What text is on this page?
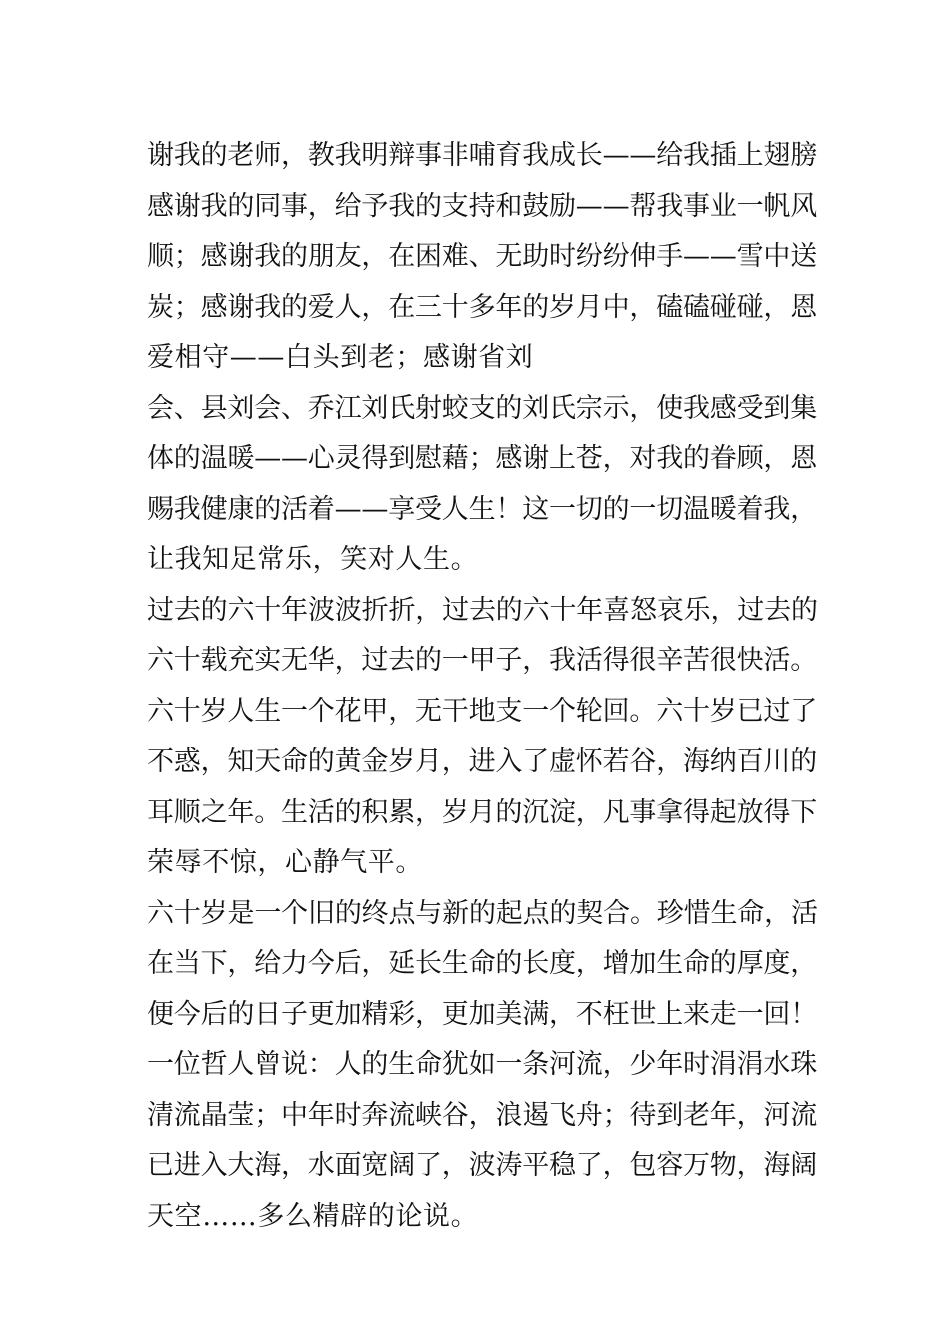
谢我的老师，教我明辩事非哺育我成长——给我插上翅膀
感谢我的同事，给予我的支持和鼓励——帮我事业一帆风
顺；感谢我的朋友，在困难、无助时纷纷伸手——雪中送
炭；感谢我的爱人，在三十多年的岁月中，磕磕碰碰，恩
爱相守——白头到老；感谢省刘
会、县刘会、乔江刘氏射蛟支的刘氏宗示，使我感受到集
体的温暖——心灵得到慰藉；感谢上苍，对我的眷顾，恩
赐我健康的活着——享受人生！这一切的一切温暖着我，
让我知足常乐，笑对人生。
过去的六十年波波折折，过去的六十年喜怒哀乐，过去的
六十载充实无华，过去的一甲子，我活得很辛苦很快活。
六十岁人生一个花甲，无干地支一个轮回。六十岁已过了
不惑，知天命的黄金岁月，进入了虚怀若谷，海纳百川的
耳顺之年。生活的积累，岁月的沉淀，凡事拿得起放得下
荣辱不惊，心静气平。
六十岁是一个旧的终点与新的起点的契合。珍惜生命，活
在当下，给力今后，延长生命的长度，增加生命的厚度，
便今后的日子更加精彩，更加美满，不枉世上来走一回！
一位哲人曾说：人的生命犹如一条河流，少年时涓涓水珠
清流晶莹；中年时奔流峡谷，浪遏飞舟；待到老年，河流
已进入大海，水面宽阔了，波涛平稳了，包容万物，海阔
天空……多么精辟的论说。
